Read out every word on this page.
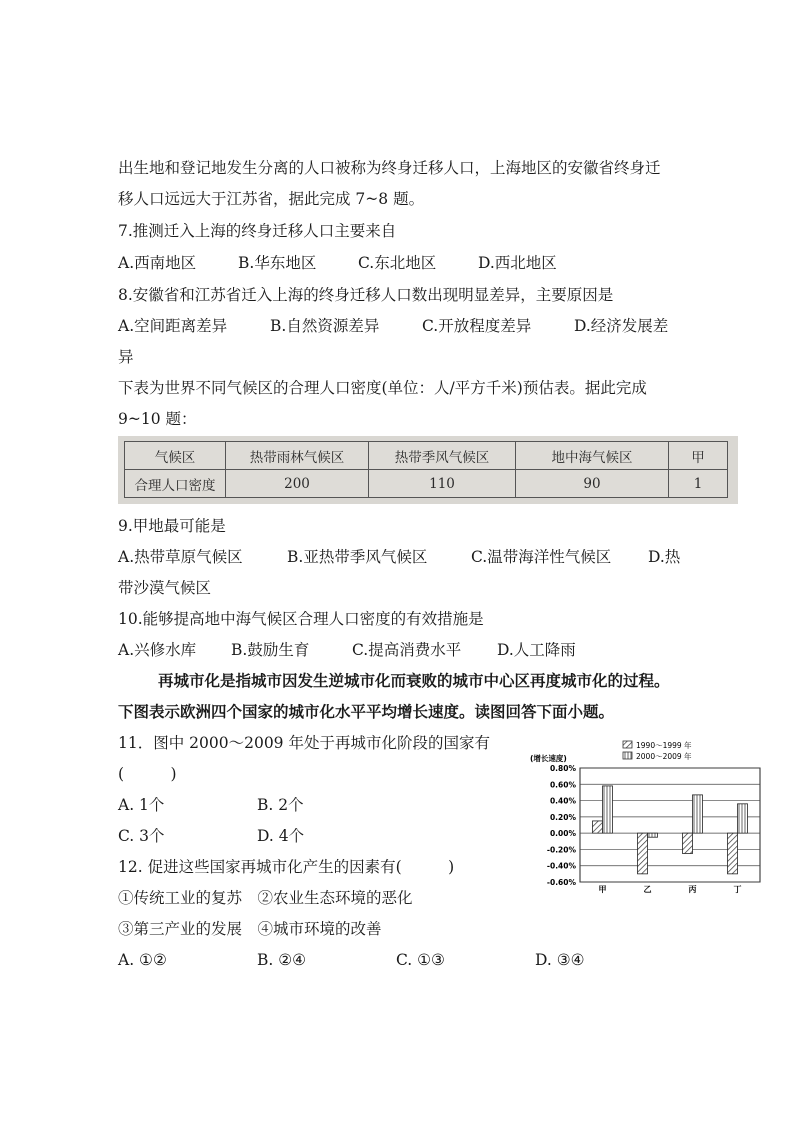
出生地和登记地发生分离的人口被称为终身迁移人口，上海地区的安徽省终身迁
移人口远远大于江苏省，据此完成 7~8 题。
7.推测迁入上海的终身迁移人口主要来自
A.西南地区	B.华东地区	C.东北地区	D.西北地区
8.安徽省和江苏省迁入上海的终身迁移人口数出现明显差异，主要原因是
A.空间距离差异	B.自然资源差异	C.开放程度差异	D.经济发展差
异
下表为世界不同气候区的合理人口密度(单位：人/平方千米)预估表。据此完成
9~10 题：
气候区	热带雨林气候区	热带季风气候区	地中海气候区	甲
合理人口密度	200	110	90	1
9.甲地最可能是
A.热带草原气候区	B.亚热带季风气候区	C.温带海洋性气候区 D.热
带沙漠气候区
10.能够提高地中海气候区合理人口密度的有效措施是
A.兴修水库 B.鼓励生育	C.提高消费水平 D.人工降雨
再城市化是指城市因发生逆城市化而衰败的城市中心区再度城市化的过程。
下图表示欧洲四个国家的城市化水平平均增长速度。读图回答下面小题。
11．图中 2000～2009 年处于再城市化阶段的国家有
(　　　)
A. 1个	B. 2个
C. 3个	D. 4个
12. 促进这些国家再城市化产生的因素有(　　　)
①传统工业的复苏　②农业生态环境的恶化
③第三产业的发展　④城市环境的改善
A. ①②	B. ②④	C. ①③	D. ③④
1990～1999 年
2000～2009 年
(增长速度)
0.80%
0.60%
0.40%
0.20%
0.00%
-0.20%
-0.40%
-0.60%
甲	乙	丙	丁
